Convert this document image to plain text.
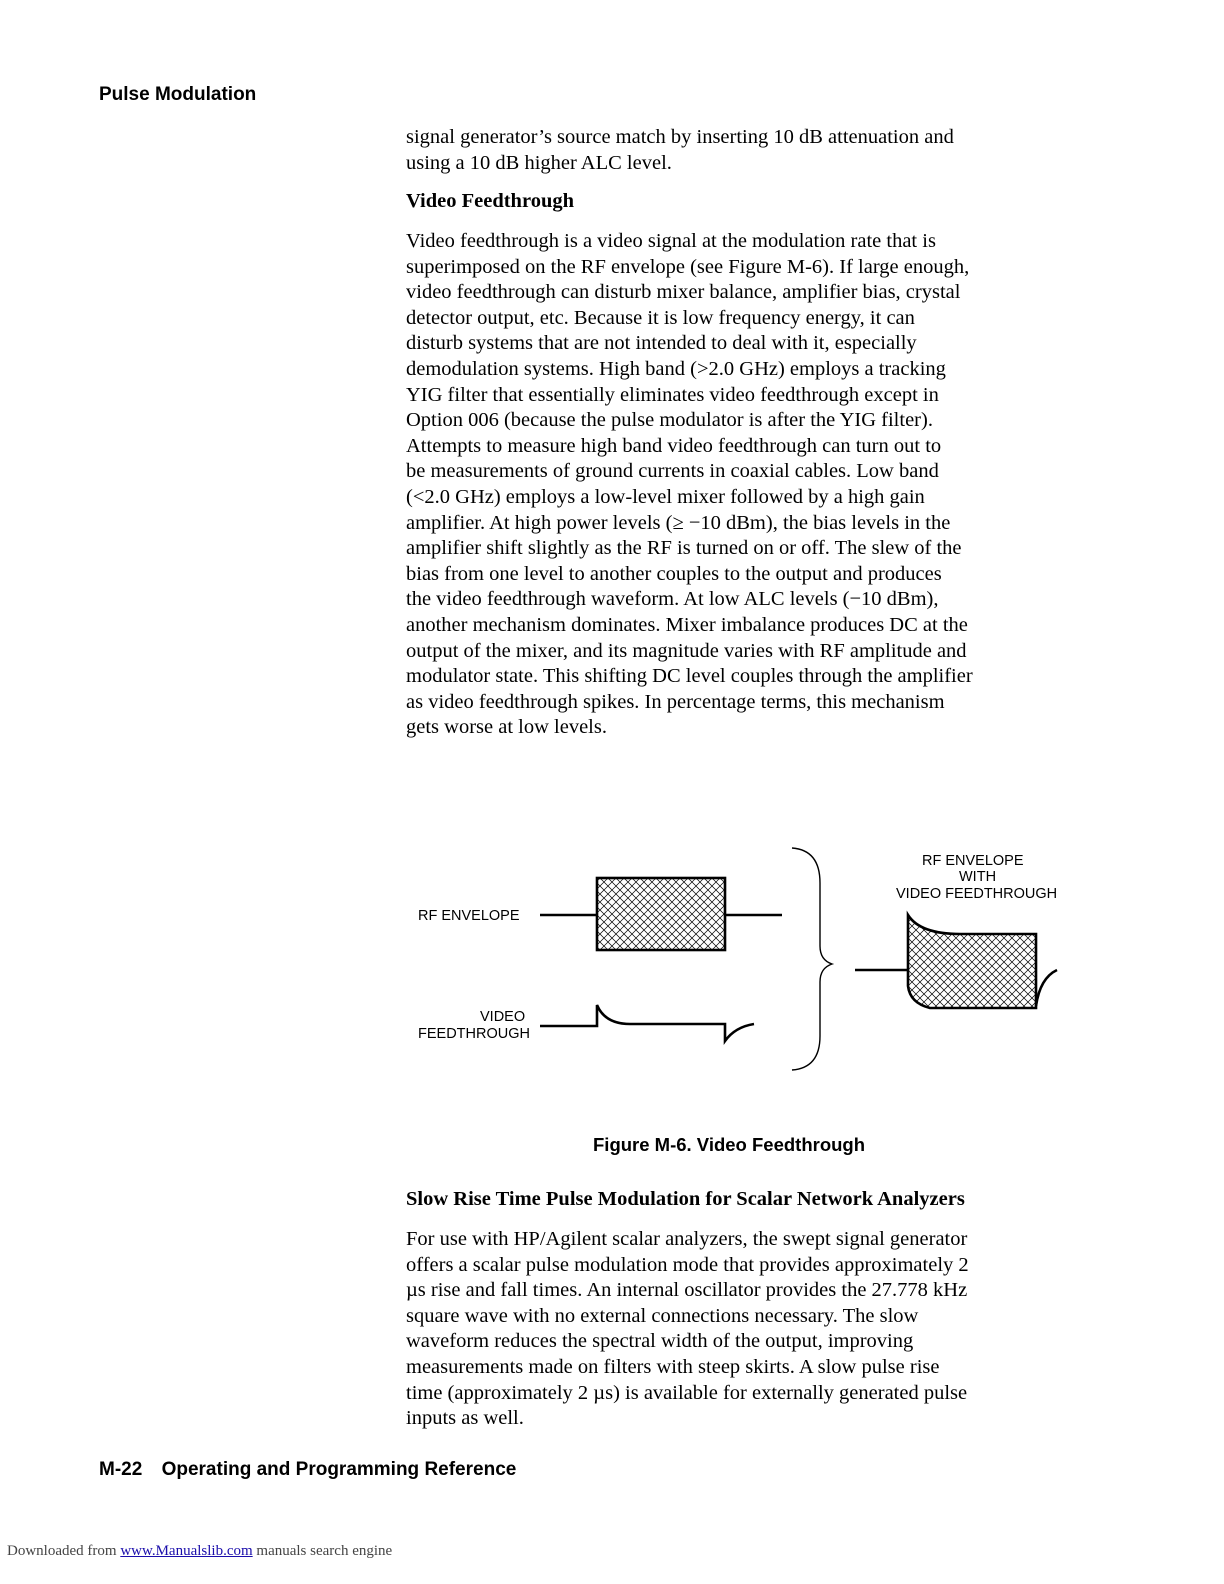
Pulse Modulation
signal generator’s source match by inserting 10 dB attenuation and
using a 10 dB higher ALC level.
Video Feedthrough
Video feedthrough is a video signal at the modulation rate that is
superimposed on the RF envelope (see Figure M-6). If large enough,
video feedthrough can disturb mixer balance, amplifier bias, crystal
detector output, etc. Because it is low frequency energy, it can
disturb systems that are not intended to deal with it, especially
demodulation systems. High band (>2.0 GHz) employs a tracking
YIG filter that essentially eliminates video feedthrough except in
Option 006 (because the pulse modulator is after the YIG filter).
Attempts to measure high band video feedthrough can turn out to
be measurements of ground currents in coaxial cables. Low band
(<2.0 GHz) employs a low-level mixer followed by a high gain
amplifier. At high power levels (≥ −10 dBm), the bias levels in the
amplifier shift slightly as the RF is turned on or off. The slew of the
bias from one level to another couples to the output and produces
the video feedthrough waveform. At low ALC levels (−10 dBm),
another mechanism dominates. Mixer imbalance produces DC at the
output of the mixer, and its magnitude varies with RF amplitude and
modulator state. This shifting DC level couples through the amplifier
as video feedthrough spikes. In percentage terms, this mechanism
gets worse at low levels.
RF ENVELOPE
VIDEO
FEEDTHROUGH
RF ENVELOPE
WITH
VIDEO FEEDTHROUGH
Figure M-6. Video Feedthrough
Slow Rise Time Pulse Modulation for Scalar Network Analyzers
For use with HP/Agilent scalar analyzers, the swept signal generator
offers a scalar pulse modulation mode that provides approximately 2
µs rise and fall times. An internal oscillator provides the 27.778 kHz
square wave with no external connections necessary. The slow
waveform reduces the spectral width of the output, improving
measurements made on filters with steep skirts. A slow pulse rise
time (approximately 2 µs) is available for externally generated pulse
inputs as well.
M-22 Operating and Programming Reference
Downloaded from www.Manualslib.com manuals search engine
